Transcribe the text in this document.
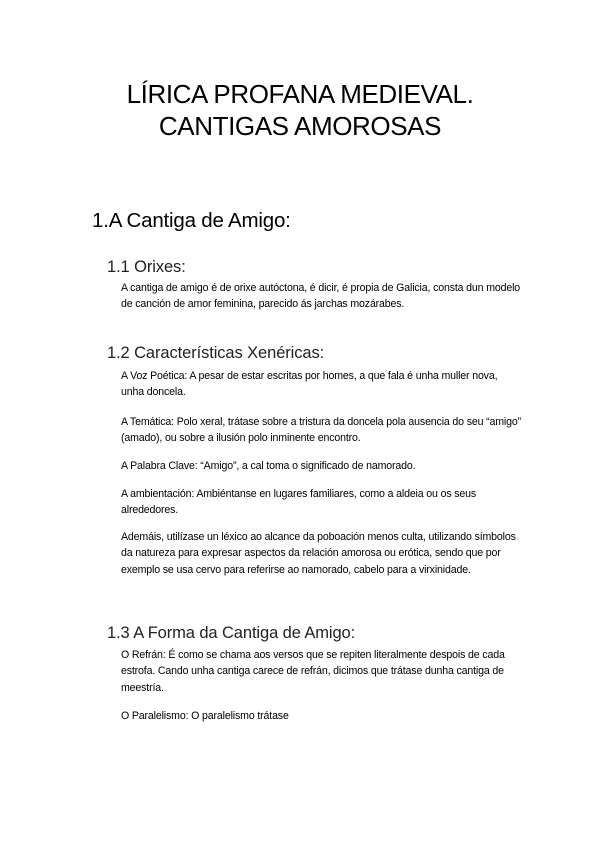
LÍRICA PROFANA MEDIEVAL.
CANTIGAS AMOROSAS
1.A Cantiga de Amigo:
1.1 Orixes:

A cantiga de amigo é de orixe autóctona, é dicir, é propia de Galicia, consta dun modelo de canción de amor feminina, parecido ás jarchas mozárabes.

1.2 Características Xenéricas:

A Voz Poética: A pesar de estar escritas por homes, a que fala é unha muller nova, unha doncela.

A Temática: Polo xeral, trátase sobre a tristura da doncela pola ausencia do seu “amigo” (amado), ou sobre a ilusión polo inminente encontro.

A Palabra Clave: “Amigo”, a cal toma o significado de namorado.

A ambientación: Ambiéntanse en lugares familiares, como a aldeia ou os seus alrededores.

Ademáis, utilízase un léxico ao alcance da poboación menos culta, utilizando símbolos da natureza para expresar aspectos da relación amorosa ou erótica, sendo que por exemplo se usa cervo para referirse ao namorado, cabelo para a virxinidade.

1.3 A Forma da Cantiga de Amigo:

O Refrán: É como se chama aos versos que se repiten literalmente despois de cada estrofa. Cando unha cantiga carece de refrán, dicimos que trátase dunha cantiga de meestría.

O Paralelismo: O paralelismo trátase
